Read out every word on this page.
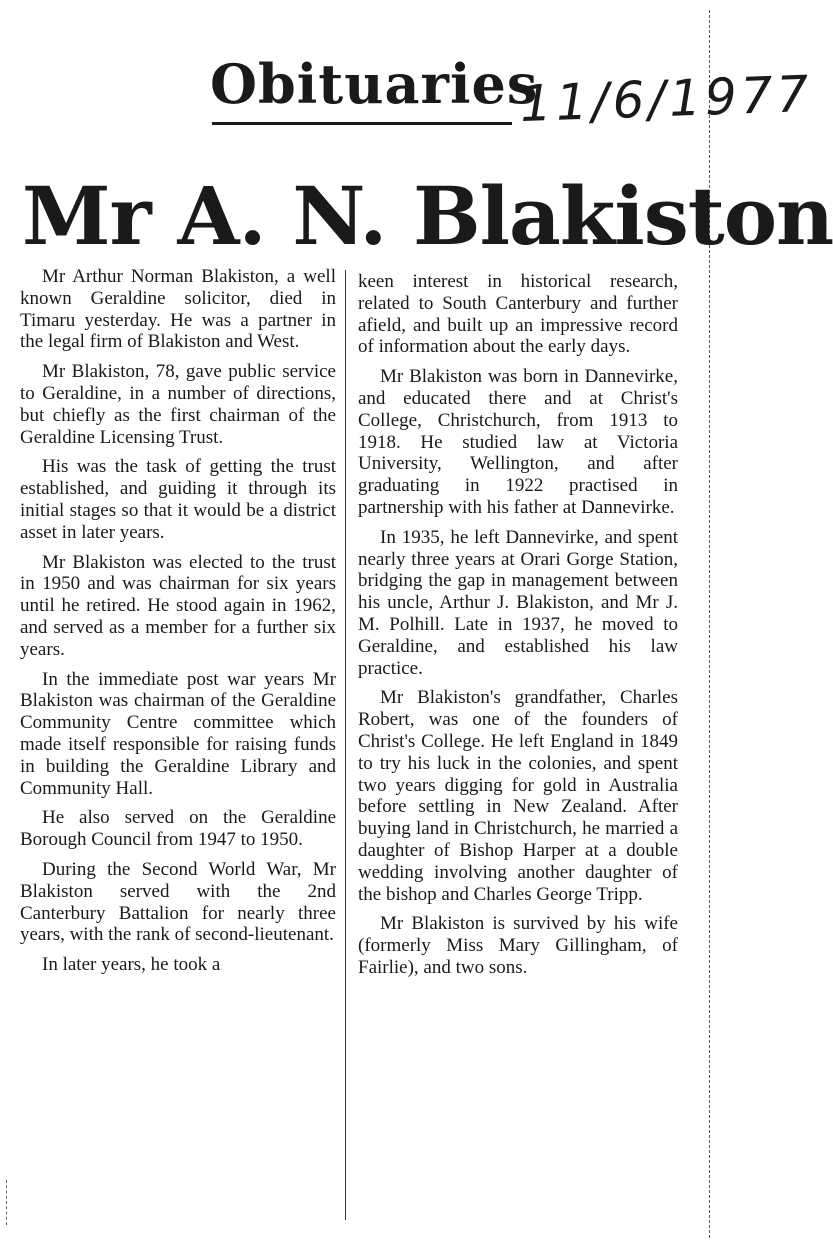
Obituaries
11/6/1977
Mr A. N. Blakiston

Mr Arthur Norman Blakiston, a well known Geraldine solicitor, died in Timaru yesterday. He was a partner in the legal firm of Blakiston and West.

Mr Blakiston, 78, gave public service to Geraldine, in a number of directions, but chiefly as the first chairman of the Geraldine Licensing Trust.

His was the task of getting the trust established, and guiding it through its initial stages so that it would be a district asset in later years.

Mr Blakiston was elected to the trust in 1950 and was chairman for six years until he retired. He stood again in 1962, and served as a member for a further six years.

In the immediate post war years Mr Blakiston was chairman of the Geraldine Community Centre committee which made itself responsible for raising funds in building the Geraldine Library and Community Hall.

He also served on the Geraldine Borough Council from 1947 to 1950.

During the Second World War, Mr Blakiston served with the 2nd Canterbury Battalion for nearly three years, with the rank of second-lieutenant.

In later years, he took a

keen interest in historical research, related to South Canterbury and further afield, and built up an impressive record of information about the early days.

Mr Blakiston was born in Dannevirke, and educated there and at Christ's College, Christchurch, from 1913 to 1918. He studied law at Victoria University, Wellington, and after graduating in 1922 practised in partnership with his father at Dannevirke.

In 1935, he left Dannevirke, and spent nearly three years at Orari Gorge Station, bridging the gap in management between his uncle, Arthur J. Blakiston, and Mr J. M. Polhill. Late in 1937, he moved to Geraldine, and established his law practice.

Mr Blakiston's grandfather, Charles Robert, was one of the founders of Christ's College. He left England in 1849 to try his luck in the colonies, and spent two years digging for gold in Australia before settling in New Zealand. After buying land in Christchurch, he married a daughter of Bishop Harper at a double wedding involving another daughter of the bishop and Charles George Tripp.

Mr Blakiston is survived by his wife (formerly Miss Mary Gillingham, of Fairlie), and two sons.
